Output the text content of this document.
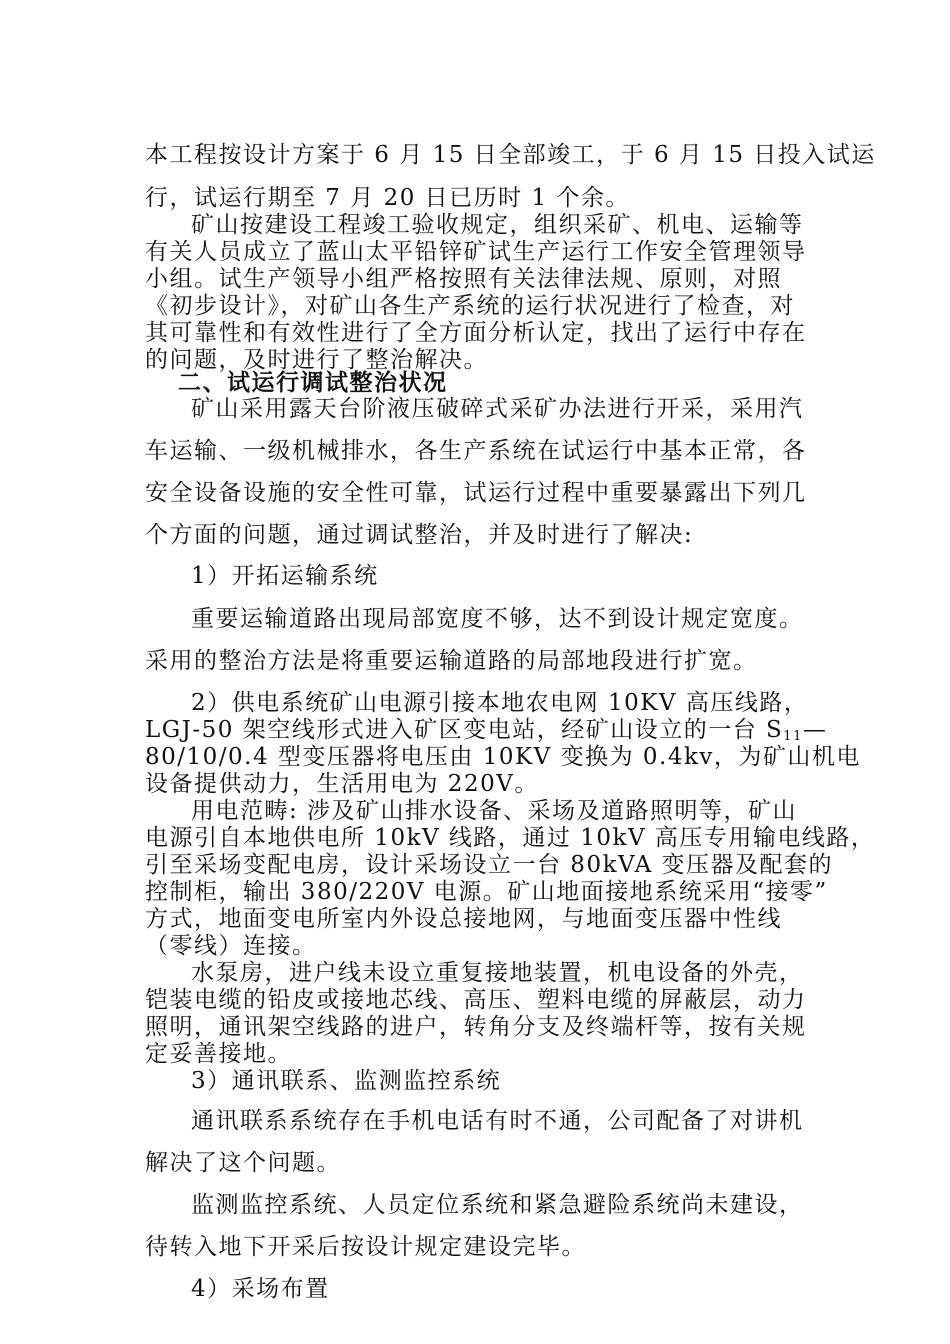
本工程按设计方案于 6 月 15 日全部竣工，于 6 月 15 日投入试运
行，试运行期至 7 月 20 日已历时 1 个余。
矿山按建设工程竣工验收规定，组织采矿、机电、运输等
有关人员成立了蓝山太平铅锌矿试生产运行工作安全管理领导
小组。试生产领导小组严格按照有关法律法规、原则，对照
《初步设计》，对矿山各生产系统的运行状况进行了检查，对
其可靠性和有效性进行了全方面分析认定，找出了运行中存在
的问题，及时进行了整治解决。
二、试运行调试整治状况
矿山采用露天台阶液压破碎式采矿办法进行开采，采用汽
车运输、一级机械排水，各生产系统在试运行中基本正常，各
安全设备设施的安全性可靠，试运行过程中重要暴露出下列几
个方面的问题，通过调试整治，并及时进行了解决:
1）开拓运输系统
重要运输道路出现局部宽度不够，达不到设计规定宽度。
采用的整治方法是将重要运输道路的局部地段进行扩宽。
2）供电系统矿山电源引接本地农电网 10KV 高压线路，
LGJ-50 架空线形式进入矿区变电站，经矿山设立的一台 $S_{11}—$
80/10/0.4 型变压器将电压由 10KV 变换为 0.4kv，为矿山机电
设备提供动力，生活用电为 220V。
用电范畴: 涉及矿山排水设备、采场及道路照明等，矿山
电源引自本地供电所 10kV 线路，通过 10kV 高压专用输电线路，
引至采场变配电房，设计采场设立一台 80kVA 变压器及配套的
控制柜，输出 380/220V 电源。矿山地面接地系统采用“接零”
方式，地面变电所室内外设总接地网，与地面变压器中性线
（零线）连接。
水泵房，进户线未设立重复接地装置，机电设备的外壳，
铠装电缆的铅皮或接地芯线、高压、塑料电缆的屏蔽层，动力
照明，通讯架空线路的进户，转角分支及终端杆等，按有关规
定妥善接地。
3）通讯联系、监测监控系统
通讯联系系统存在手机电话有时不通，公司配备了对讲机
解决了这个问题。
监测监控系统、人员定位系统和紧急避险系统尚未建设，
待转入地下开采后按设计规定建设完毕。
4）采场布置
